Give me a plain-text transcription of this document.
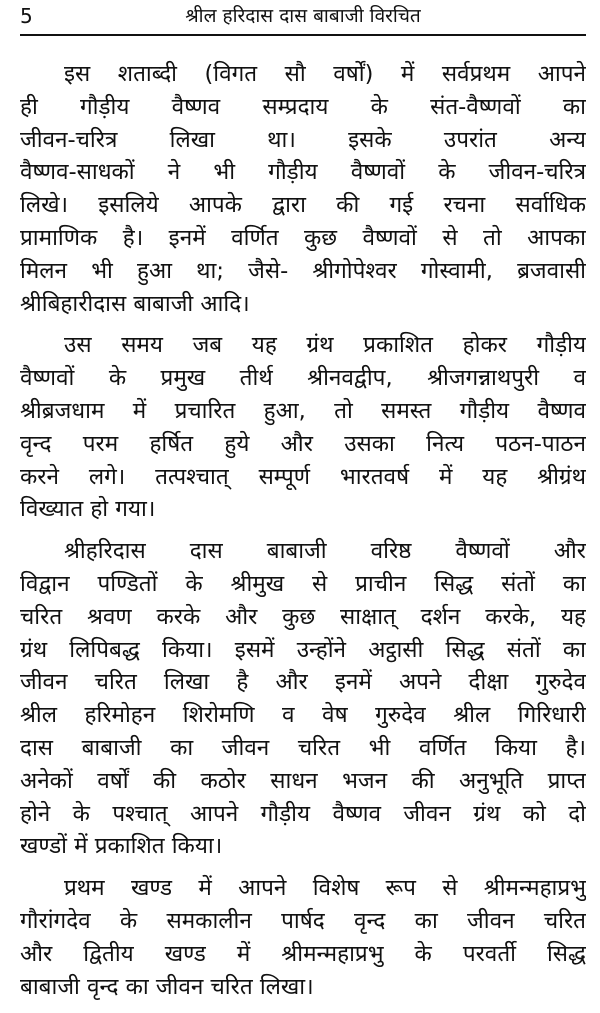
5	श्रील हरिदास दास बाबाजी विरचित

इस शताब्दी (विगत सौ वर्षों) में सर्वप्रथम आपने
ही गौड़ीय वैष्णव सम्प्रदाय के संत-वैष्णवों का
जीवन-चरित्र लिखा था। इसके उपरांत अन्य
वैष्णव-साधकों ने भी गौड़ीय वैष्णवों के जीवन-चरित्र
लिखे। इसलिये आपके द्वारा की गई रचना सर्वाधिक
प्रामाणिक है। इनमें वर्णित कुछ वैष्णवों से तो आपका
मिलन भी हुआ था; जैसे- श्रीगोपेश्वर गोस्वामी, ब्रजवासी
श्रीबिहारीदास बाबाजी आदि।

उस समय जब यह ग्रंथ प्रकाशित होकर गौड़ीय
वैष्णवों के प्रमुख तीर्थ श्रीनवद्वीप, श्रीजगन्नाथपुरी व
श्रीब्रजधाम में प्रचारित हुआ, तो समस्त गौड़ीय वैष्णव
वृन्द परम हर्षित हुये और उसका नित्य पठन-पाठन
करने लगे। तत्पश्चात् सम्पूर्ण भारतवर्ष में यह श्रीग्रंथ
विख्यात हो गया।

श्रीहरिदास दास बाबाजी वरिष्ठ वैष्णवों और
विद्वान पण्डितों के श्रीमुख से प्राचीन सिद्ध संतों का
चरित श्रवण करके और कुछ साक्षात् दर्शन करके, यह
ग्रंथ लिपिबद्ध किया। इसमें उन्होंने अट्ठासी सिद्ध संतों का
जीवन चरित लिखा है और इनमें अपने दीक्षा गुरुदेव
श्रील हरिमोहन शिरोमणि व वेष गुरुदेव श्रील गिरिधारी
दास बाबाजी का जीवन चरित भी वर्णित किया है।
अनेकों वर्षों की कठोर साधन भजन की अनुभूति प्राप्त
होने के पश्चात् आपने गौड़ीय वैष्णव जीवन ग्रंथ को दो
खण्डों में प्रकाशित किया।

प्रथम खण्ड में आपने विशेष रूप से श्रीमन्महाप्रभु
गौरांगदेव के समकालीन पार्षद वृन्द का जीवन चरित
और द्वितीय खण्ड में श्रीमन्महाप्रभु के परवर्ती सिद्ध
बाबाजी वृन्द का जीवन चरित लिखा।
